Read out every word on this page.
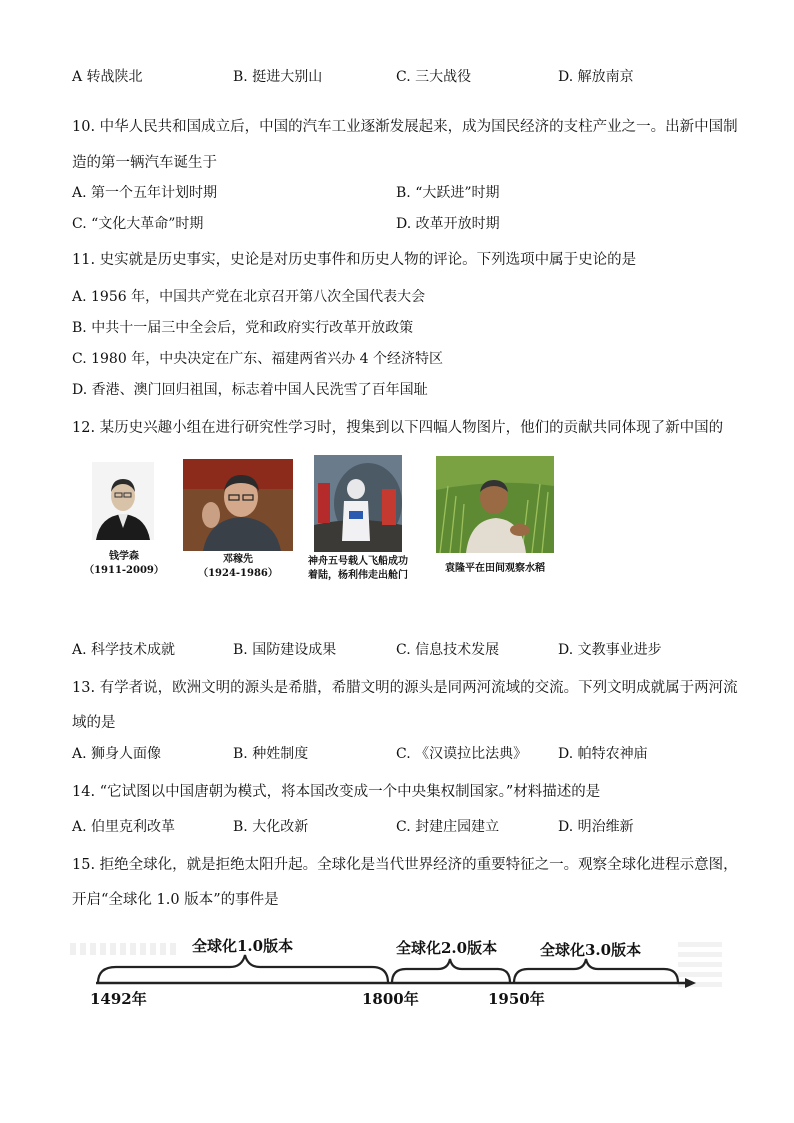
A 转战陕北	B. 挺进大别山	C. 三大战役	D. 解放南京
10. 中华人民共和国成立后，中国的汽车工业逐渐发展起来，成为国民经济的支柱产业之一。出新中国制
造的第一辆汽车诞生于
A. 第一个五年计划时期	B. “大跃进”时期
C. “文化大革命”时期	D. 改革开放时期
11. 史实就是历史事实，史论是对历史事件和历史人物的评论。下列选项中属于史论的是
A. 1956 年，中国共产党在北京召开第八次全国代表大会
B. 中共十一届三中全会后，党和政府实行改革开放政策
C. 1980 年，中央决定在广东、福建两省兴办 4 个经济特区
D. 香港、澳门回归祖国，标志着中国人民洗雪了百年国耻
12. 某历史兴趣小组在进行研究性学习时，搜集到以下四幅人物图片，他们的贡献共同体现了新中国的
钱学森
（1911-2009）
邓稼先
（1924-1986）
神舟五号载人飞船成功
着陆，杨利伟走出舱门
袁隆平在田间观察水稻
A. 科学技术成就	B. 国防建设成果	C. 信息技术发展	D. 文教事业进步
13. 有学者说，欧洲文明的源头是希腊，希腊文明的源头是同两河流域的交流。下列文明成就属于两河流
域的是
A. 狮身人面像	B. 种姓制度	C. 《汉谟拉比法典》 D. 帕特农神庙
14. “它试图以中国唐朝为模式，将本国改变成一个中央集权制国家。”材料描述的是
A. 伯里克利改革	B. 大化改新	C. 封建庄园建立	D. 明治维新
15. 拒绝全球化，就是拒绝太阳升起。全球化是当代世界经济的重要特征之一。观察全球化进程示意图，
开启“全球化 1.0 版本”的事件是
全球化1.0版本	全球化2.0版本	全球化3.0版本
1492年	1800年	1950年
